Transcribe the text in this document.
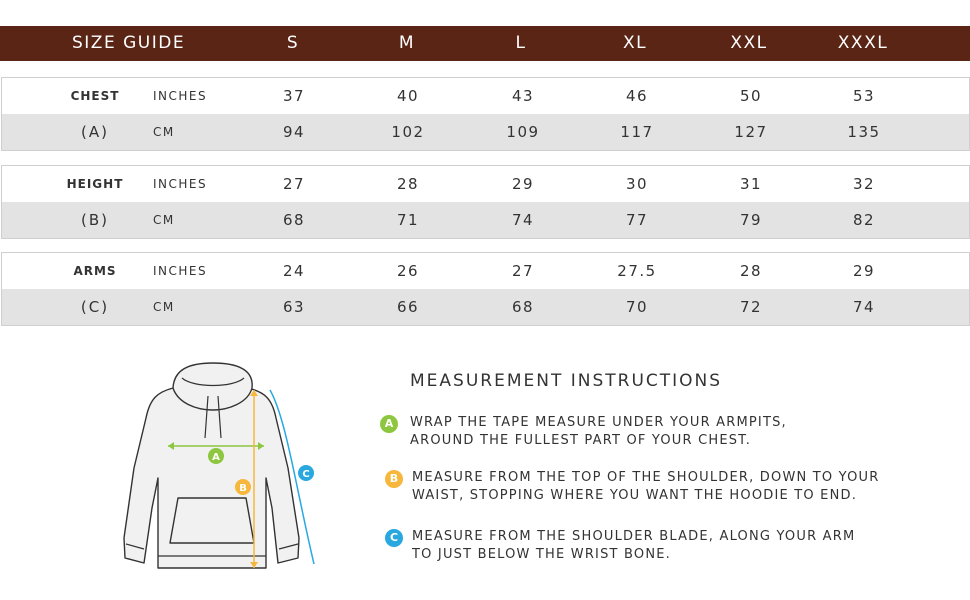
SIZE GUIDE	S	M	L	XL	XXL	XXXL
CHEST	INCHES	37	40	43	46	50	53
(A)	CM	94	102	109	117	127	135
HEIGHT INCHES	27	28	29	30	31	32
(B)	CM	68	71	74	77	79	82
ARMS	INCHES	24	26	27	27.5	28	29
(C)	CM	63	66	68	70	72	74
A
B
C
MEASUREMENT INSTRUCTIONS
A	WRAP THE TAPE MEASURE UNDER YOUR ARMPITS,
AROUND THE FULLEST PART OF YOUR CHEST.
B	MEASURE FROM THE TOP OF THE SHOULDER, DOWN TO YOUR
WAIST, STOPPING WHERE YOU WANT THE HOODIE TO END.
C	MEASURE FROM THE SHOULDER BLADE, ALONG YOUR ARM
TO JUST BELOW THE WRIST BONE.
